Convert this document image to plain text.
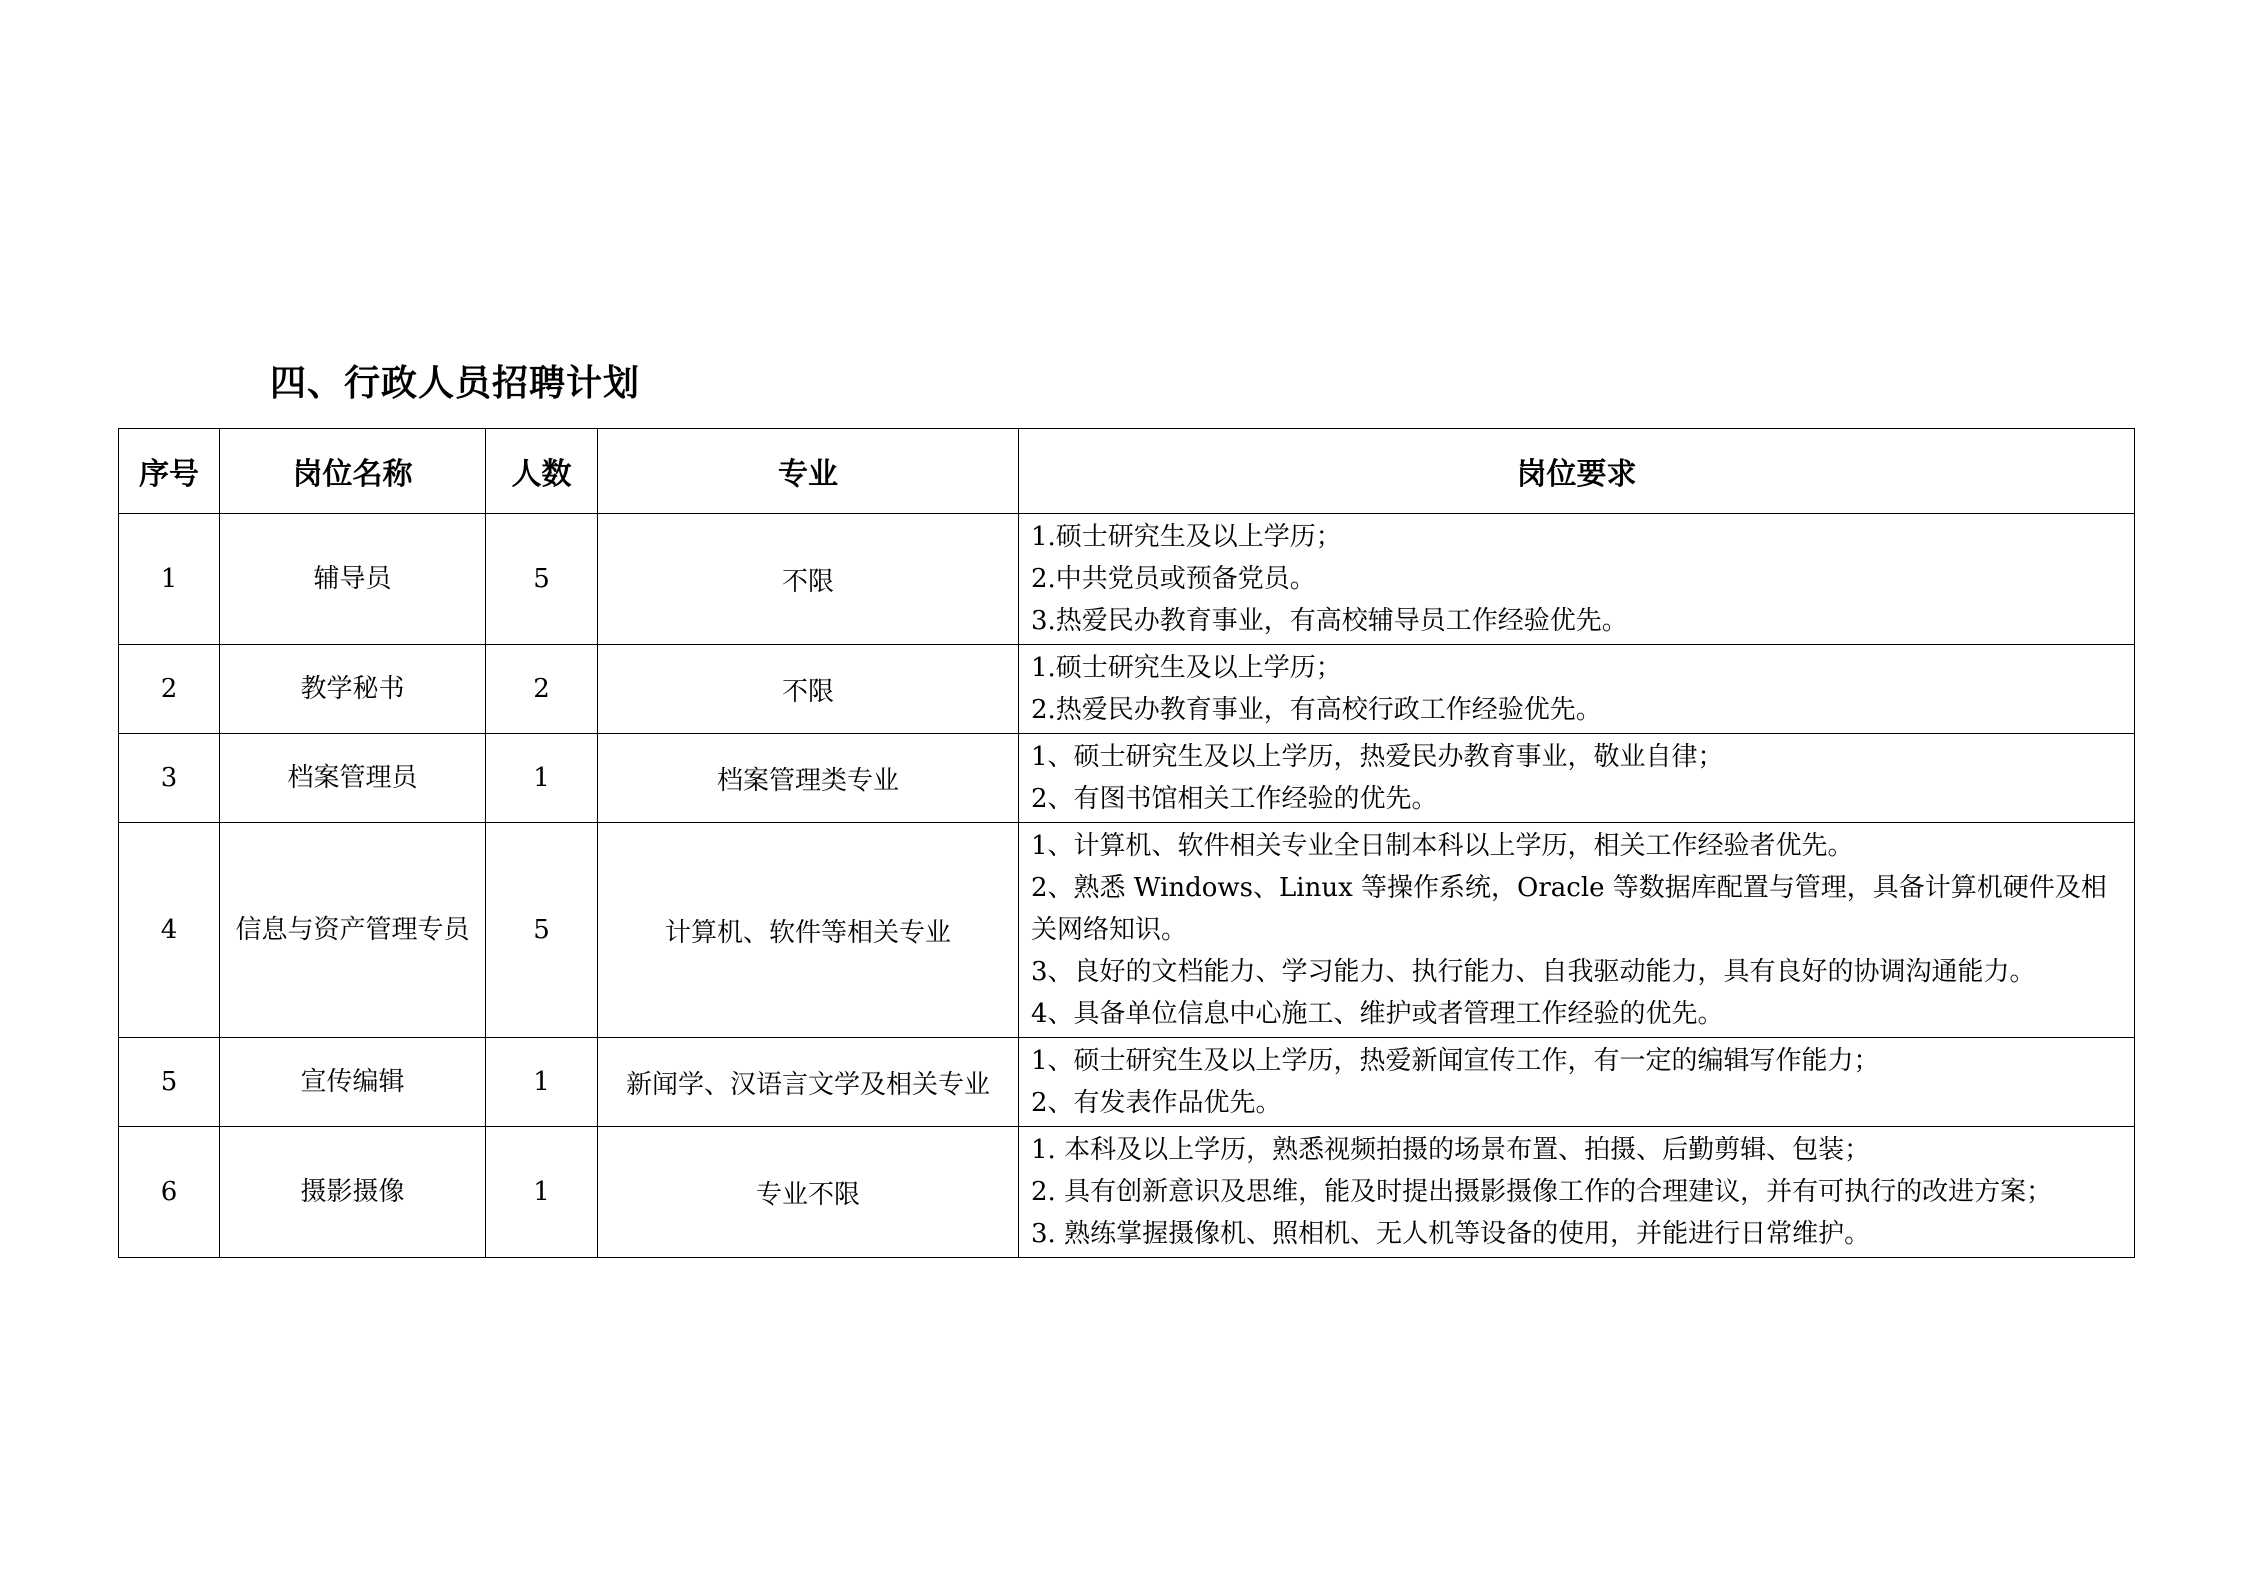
四、行政人员招聘计划
序号	岗位名称	人数	专业	岗位要求
1	辅导员	5	不限	1.硕士研究生及以上学历；
2.中共党员或预备党员。
3.热爱民办教育事业，有高校辅导员工作经验优先。

2	教学秘书	2	不限	1.硕士研究生及以上学历；
2.热爱民办教育事业，有高校行政工作经验优先。

3	档案管理员	1	档案管理类专业	1、硕士研究生及以上学历，热爱民办教育事业，敬业自律；
2、有图书馆相关工作经验的优先。

4	信息与资产管理专员	5	计算机、软件等相关专业	1、计算机、软件相关专业全日制本科以上学历，相关工作经验者优先。
2、熟悉 Windows、Linux 等操作系统，Oracle 等数据库配置与管理，具备计算机硬件及相关网络知识。
3、良好的文档能力、学习能力、执行能力、自我驱动能力，具有良好的协调沟通能力。
4、具备单位信息中心施工、维护或者管理工作经验的优先。

5	宣传编辑	1	新闻学、汉语言文学及相关专业	1、硕士研究生及以上学历，热爱新闻宣传工作，有一定的编辑写作能力；
2、有发表作品优先。

6	摄影摄像	1	专业不限	1. 本科及以上学历，熟悉视频拍摄的场景布置、拍摄、后勤剪辑、包装；
2. 具有创新意识及思维，能及时提出摄影摄像工作的合理建议，并有可执行的改进方案；
3. 熟练掌握摄像机、照相机、无人机等设备的使用，并能进行日常维护。
